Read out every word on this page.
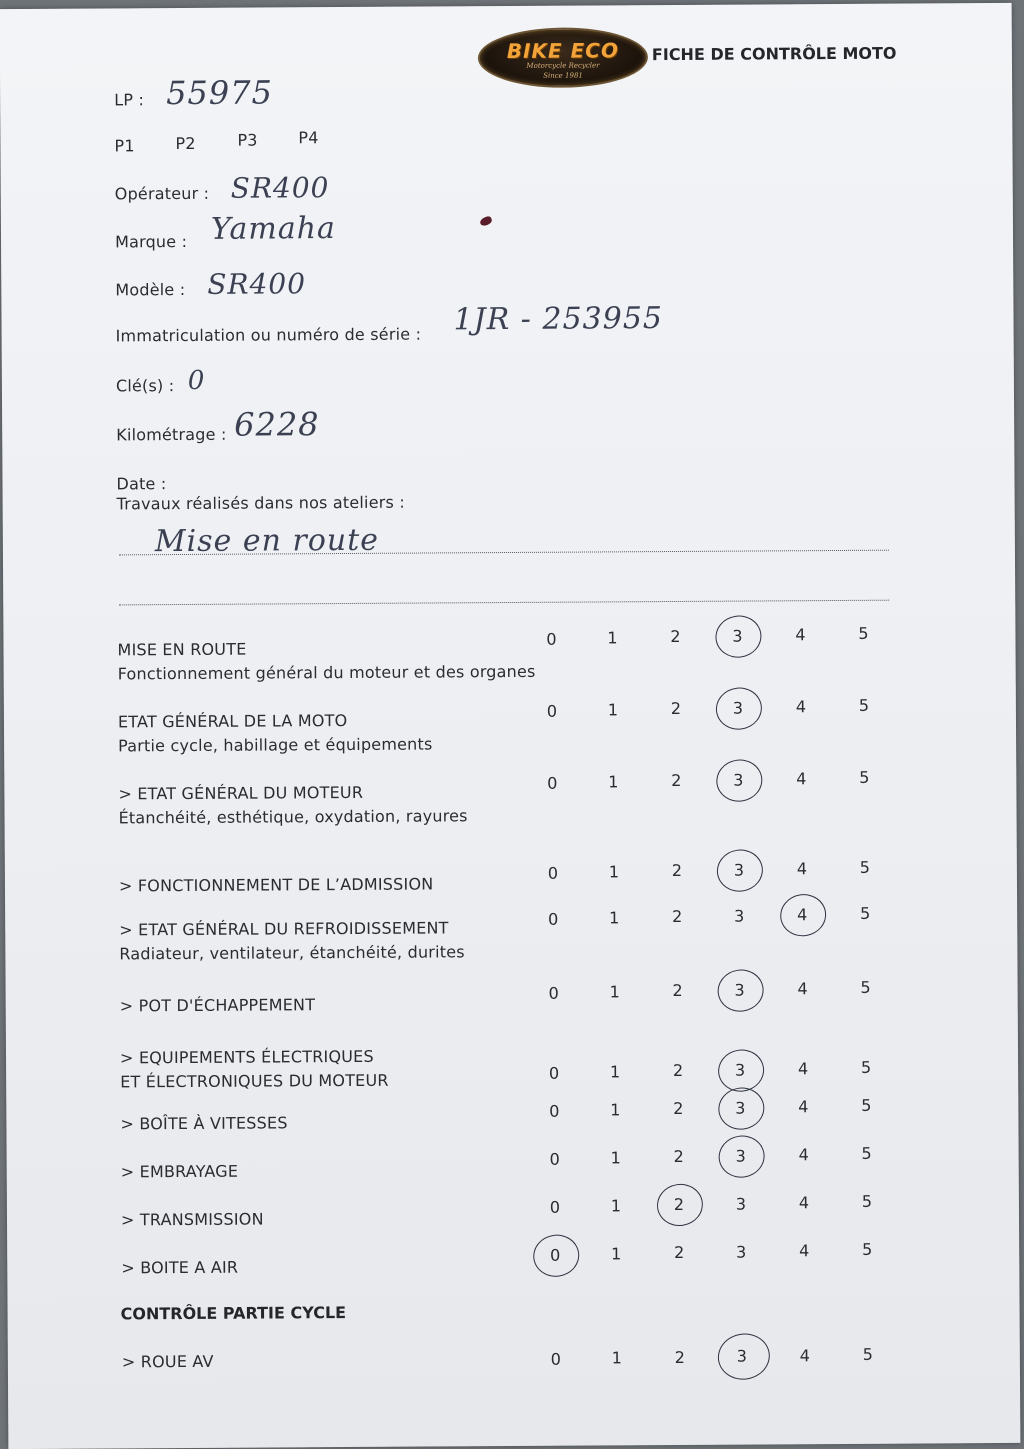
BIKE ECO
Motorcycle Recycler
Since 1981
FICHE DE CONTRÔLE MOTO
LP : 55975
P1	P2	P3	P4
Opérateur : SR400
Marque : Yamaha
Modèle : SR400
Immatriculation ou numéro de série : 1JR - 253955
Clé(s) : 0
Kilométrage : 6228
Date :
Travaux réalisés dans nos ateliers :
Mise en route
MISE EN ROUTE
Fonctionnement général du moteur et des organes
0	1	2	3	4	5
ETAT GÉNÉRAL DE LA MOTO
Partie cycle, habillage et équipements
0	1	2	3	4	5
> ETAT GÉNÉRAL DU MOTEUR
Étanchéité, esthétique, oxydation, rayures
0	1	2	3	4	5
> FONCTIONNEMENT DE L’ADMISSION
0	1	2	3	4	5
> ETAT GÉNÉRAL DU REFROIDISSEMENT
Radiateur, ventilateur, étanchéité, durites
0	1	2	3	4	5
> POT D'ÉCHAPPEMENT
0	1	2	3	4	5
> EQUIPEMENTS ÉLECTRIQUES
ET ÉLECTRONIQUES DU MOTEUR	0	1	2	3	4	5
> BOÎTE À VITESSES
0	1	2	3	4	5
> EMBRAYAGE
0	1	2	3	4	5
> TRANSMISSION
0	1	2	3	4	5
> BOITE A AIR
0	1	2	3	4	5
CONTRÔLE PARTIE CYCLE
> ROUE AV	0	1	2	3	4	5
